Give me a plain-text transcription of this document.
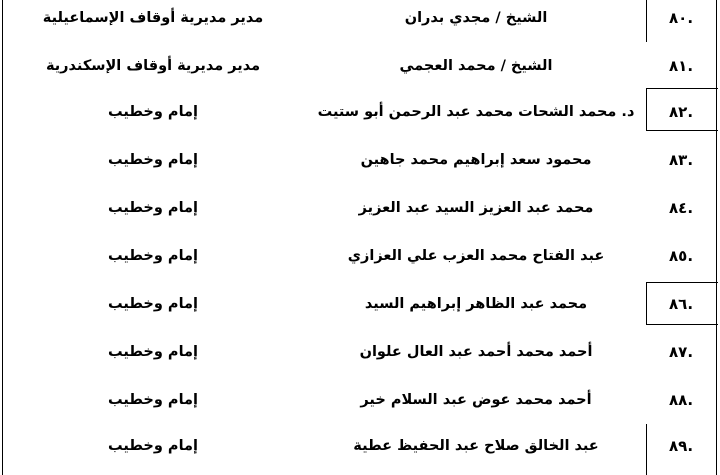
.٨٠
الشيخ / مجدي بدران
مدير مديرية أوقاف الإسماعيلية
.٨١
الشيخ / محمد العجمي
مدير مديرية أوقاف الإسكندرية
.٨٢
د. محمد الشحات محمد عبد الرحمن أبو ستيت
إمام وخطيب
.٨٣
محمود سعد إبراهيم محمد جاهين
إمام وخطيب
.٨٤
محمد عبد العزيز السيد عبد العزيز
إمام وخطيب
.٨٥
عبد الفتاح محمد العزب علي العزازي
إمام وخطيب
.٨٦
محمد عبد الظاهر إبراهيم السيد
إمام وخطيب
.٨٧
أحمد محمد أحمد عبد العال علوان
إمام وخطيب
.٨٨
أحمد محمد عوض عبد السلام خير
إمام وخطيب
.٨٩
عبد الخالق صلاح عبد الحفيظ عطية
إمام وخطيب
